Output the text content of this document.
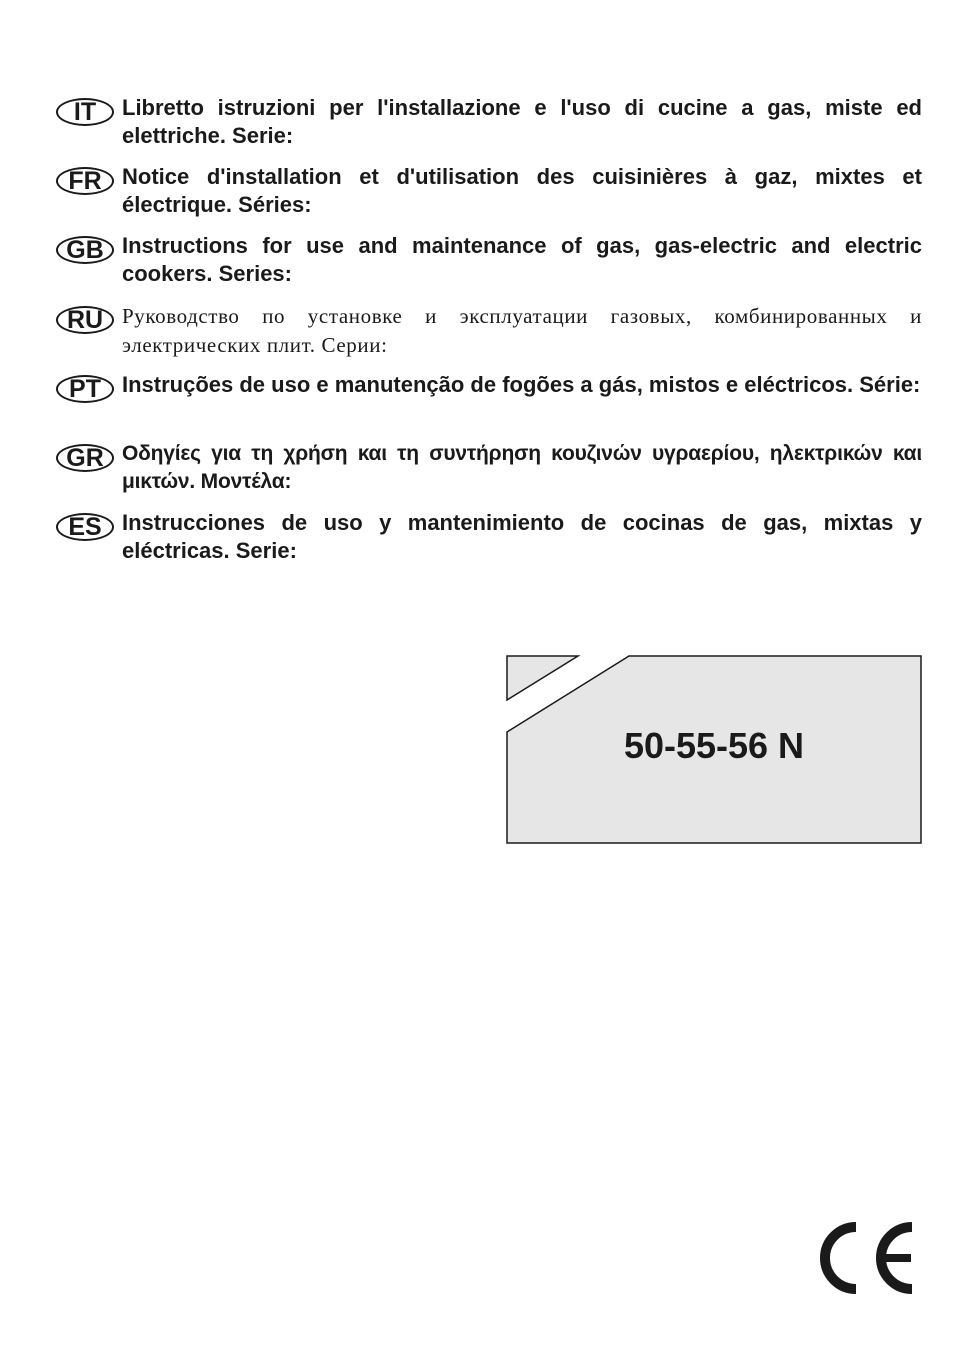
IT	Libretto istruzioni per l'installazione e l'uso di cucine a gas, miste ed elettriche. Serie:
FR Notice d'installation et d'utilisation des cuisinières à gaz, mixtes et électrique. Séries:
GB Instructions for use and maintenance of gas, gas-electric and electric cookers. Series:
RU Руководство по установке и эксплуатации газовых, комбинированных и электрических плит. Серии:
PT Instruções de uso e manutenção de fogões a gás, mistos e eléctricos. Série:
GR Οδηγίες για τη χρήση και τη συντήρηση κουζινών υγραερίου, ηλεκτρικών και μικτών. Μοντέλα:
ES Instrucciones de uso y mantenimiento de cocinas de gas, mixtas y eléctricas. Serie:
50-55-56 N
